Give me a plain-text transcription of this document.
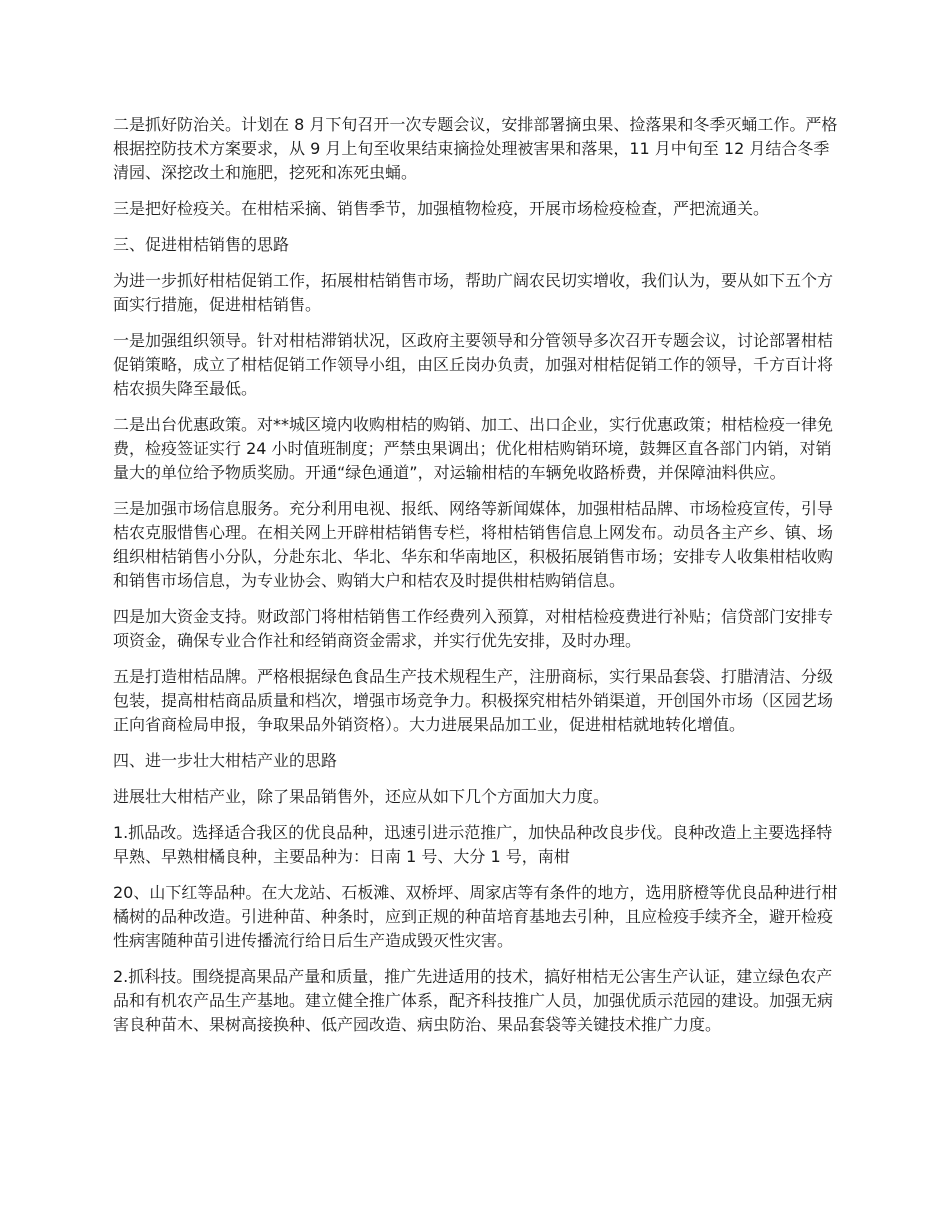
二是抓好防治关。计划在 8 月下旬召开一次专题会议，安排部署摘虫果、捡落果和冬季灭蛹工作。严格根据控防技术方案要求，从 9 月上旬至收果结束摘捡处理被害果和落果，11 月中旬至 12 月结合冬季清园、深挖改土和施肥，挖死和冻死虫蛹。

三是把好检疫关。在柑桔采摘、销售季节，加强植物检疫，开展市场检疫检查，严把流通关。

三、促进柑桔销售的思路

为进一步抓好柑桔促销工作，拓展柑桔销售市场，帮助广阔农民切实增收，我们认为，要从如下五个方面实行措施，促进柑桔销售。

一是加强组织领导。针对柑桔滞销状况，区政府主要领导和分管领导多次召开专题会议，讨论部署柑桔促销策略，成立了柑桔促销工作领导小组，由区丘岗办负责，加强对柑桔促销工作的领导，千方百计将桔农损失降至最低。

二是出台优惠政策。对**城区境内收购柑桔的购销、加工、出口企业，实行优惠政策；柑桔检疫一律免费，检疫签证实行 24 小时值班制度；严禁虫果调出；优化柑桔购销环境，鼓舞区直各部门内销，对销量大的单位给予物质奖励。开通“绿色通道”，对运输柑桔的车辆免收路桥费，并保障油料供应。

三是加强市场信息服务。充分利用电视、报纸、网络等新闻媒体，加强柑桔品牌、市场检疫宣传，引导桔农克服惜售心理。在相关网上开辟柑桔销售专栏，将柑桔销售信息上网发布。动员各主产乡、镇、场组织柑桔销售小分队，分赴东北、华北、华东和华南地区，积极拓展销售市场；安排专人收集柑桔收购和销售市场信息，为专业协会、购销大户和桔农及时提供柑桔购销信息。

四是加大资金支持。财政部门将柑桔销售工作经费列入预算，对柑桔检疫费进行补贴；信贷部门安排专项资金，确保专业合作社和经销商资金需求，并实行优先安排，及时办理。

五是打造柑桔品牌。严格根据绿色食品生产技术规程生产，注册商标，实行果品套袋、打腊清洁、分级包装，提高柑桔商品质量和档次，增强市场竞争力。积极探究柑桔外销渠道，开创国外市场（区园艺场正向省商检局申报，争取果品外销资格）。大力进展果品加工业，促进柑桔就地转化增值。

四、进一步壮大柑桔产业的思路

进展壮大柑桔产业，除了果品销售外，还应从如下几个方面加大力度。

1.抓品改。选择适合我区的优良品种，迅速引进示范推广，加快品种改良步伐。良种改造上主要选择特早熟、早熟柑橘良种，主要品种为：日南 1 号、大分 1 号，南柑

20、山下红等品种。在大龙站、石板滩、双桥坪、周家店等有条件的地方，选用脐橙等优良品种进行柑橘树的品种改造。引进种苗、种条时，应到正规的种苗培育基地去引种，且应检疫手续齐全，避开检疫性病害随种苗引进传播流行给日后生产造成毁灭性灾害。

2.抓科技。围绕提高果品产量和质量，推广先进适用的技术，搞好柑桔无公害生产认证，建立绿色农产品和有机农产品生产基地。建立健全推广体系，配齐科技推广人员，加强优质示范园的建设。加强无病害良种苗木、果树高接换种、低产园改造、病虫防治、果品套袋等关键技术推广力度。
